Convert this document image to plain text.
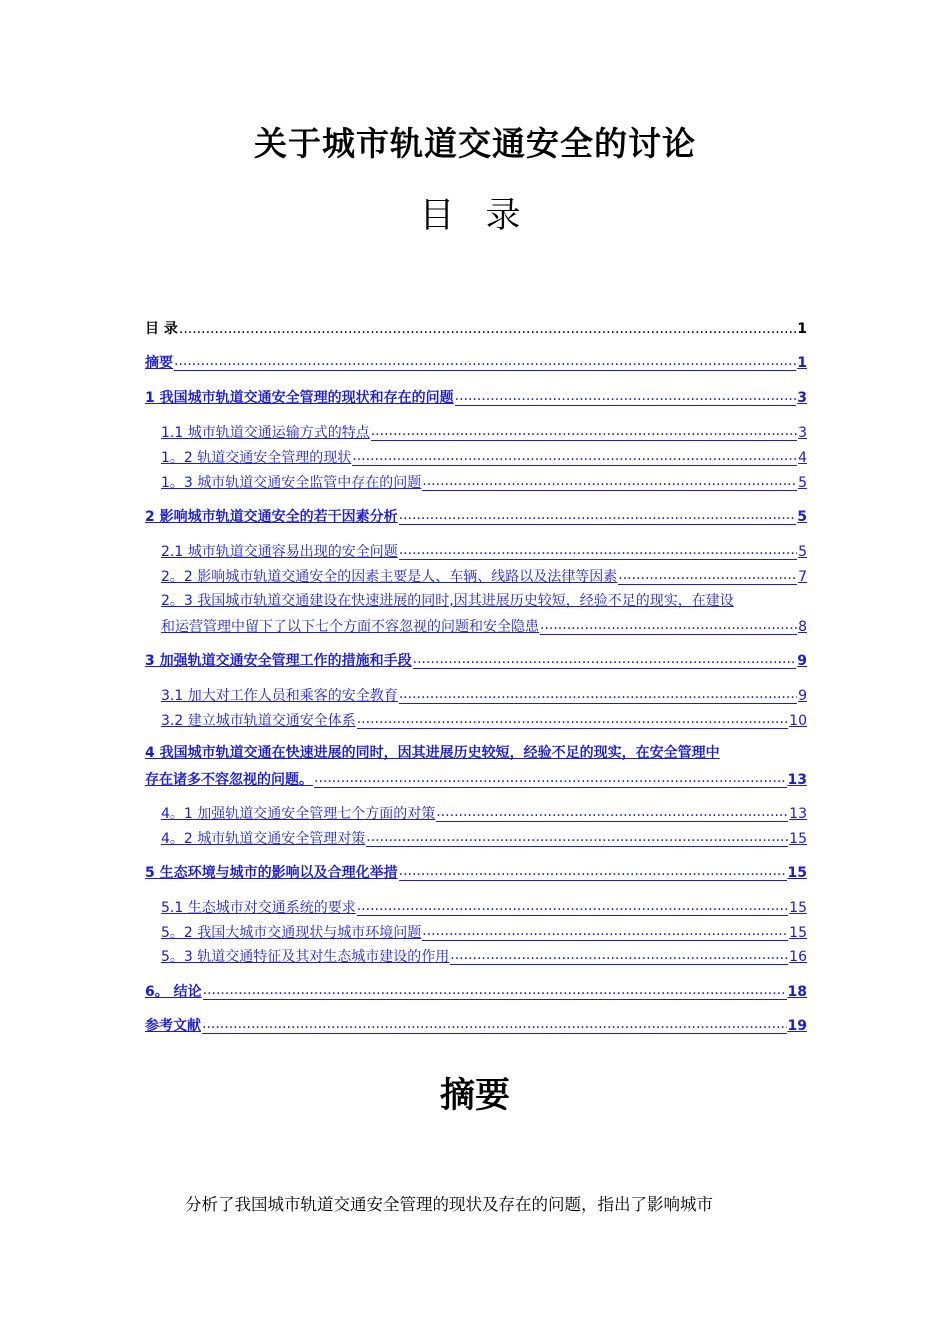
关于城市轨道交通安全的讨论
目 录
目 录 .....	1
摘要 .....	1
1 我国城市轨道交通安全管理的现状和存在的问题 .....	3
1.1 城市轨道交通运输方式的特点 .....	3
1。2 轨道交通安全管理的现状 .....	4
1。3 城市轨道交通安全监管中存在的问题 .....	5
2 影响城市轨道交通安全的若干因素分析 .....	5
2.1 城市轨道交通容易出现的安全问题 .....	5
2。2 影响城市轨道交通安全的因素主要是人、车辆、线路以及法律等因素 .....	7
2。3 我国城市轨道交通建设在快速进展的同时,因其进展历史较短，经验不足的现实，在建设
和运营管理中留下了以下七个方面不容忽视的问题和安全隐患 .....	8
3 加强轨道交通安全管理工作的措施和手段 .....	9
3.1 加大对工作人员和乘客的安全教育 .....	9
3.2 建立城市轨道交通安全体系 .....	10
4 我国城市轨道交通在快速进展的同时，因其进展历史较短，经验不足的现实，在安全管理中
存在诸多不容忽视的问题。 .....	13
4。1 加强轨道交通安全管理七个方面的对策 .....	13
4。2 城市轨道交通安全管理对策 .....	15
5 生态环境与城市的影响以及合理化举措 .....	15
5.1 生态城市对交通系统的要求 .....	15
5。2 我国大城市交通现状与城市环境问题 .....	15
5。3 轨道交通特征及其对生态城市建设的作用 .....	16
6。 结论 .....	18
参考文献 .....	19
摘要
分析了我国城市轨道交通安全管理的现状及存在的问题，指出了影响城市
